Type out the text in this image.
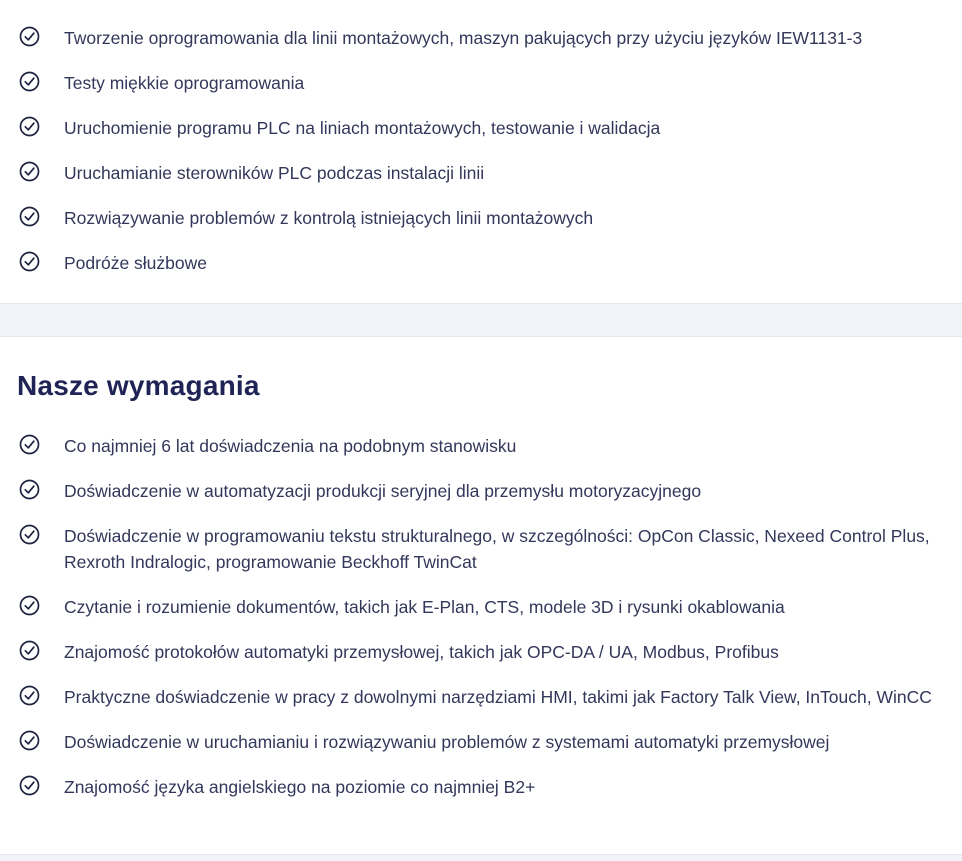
Tworzenie oprogramowania dla linii montażowych, maszyn pakujących przy użyciu języków IEW1131-3
Testy miękkie oprogramowania
Uruchomienie programu PLC na liniach montażowych, testowanie i walidacja
Uruchamianie sterowników PLC podczas instalacji linii
Rozwiązywanie problemów z kontrolą istniejących linii montażowych
Podróże służbowe
Nasze wymagania
Co najmniej 6 lat doświadczenia na podobnym stanowisku
Doświadczenie w automatyzacji produkcji seryjnej dla przemysłu motoryzacyjnego
Doświadczenie w programowaniu tekstu strukturalnego, w szczególności: OpCon Classic, Nexeed Control Plus, Rexroth Indralogic, programowanie Beckhoff TwinCat
Czytanie i rozumienie dokumentów, takich jak E-Plan, CTS, modele 3D i rysunki okablowania
Znajomość protokołów automatyki przemysłowej, takich jak OPC-DA / UA, Modbus, Profibus
Praktyczne doświadczenie w pracy z dowolnymi narzędziami HMI, takimi jak Factory Talk View, InTouch, WinCC
Doświadczenie w uruchamianiu i rozwiązywaniu problemów z systemami automatyki przemysłowej
Znajomość języka angielskiego na poziomie co najmniej B2+
